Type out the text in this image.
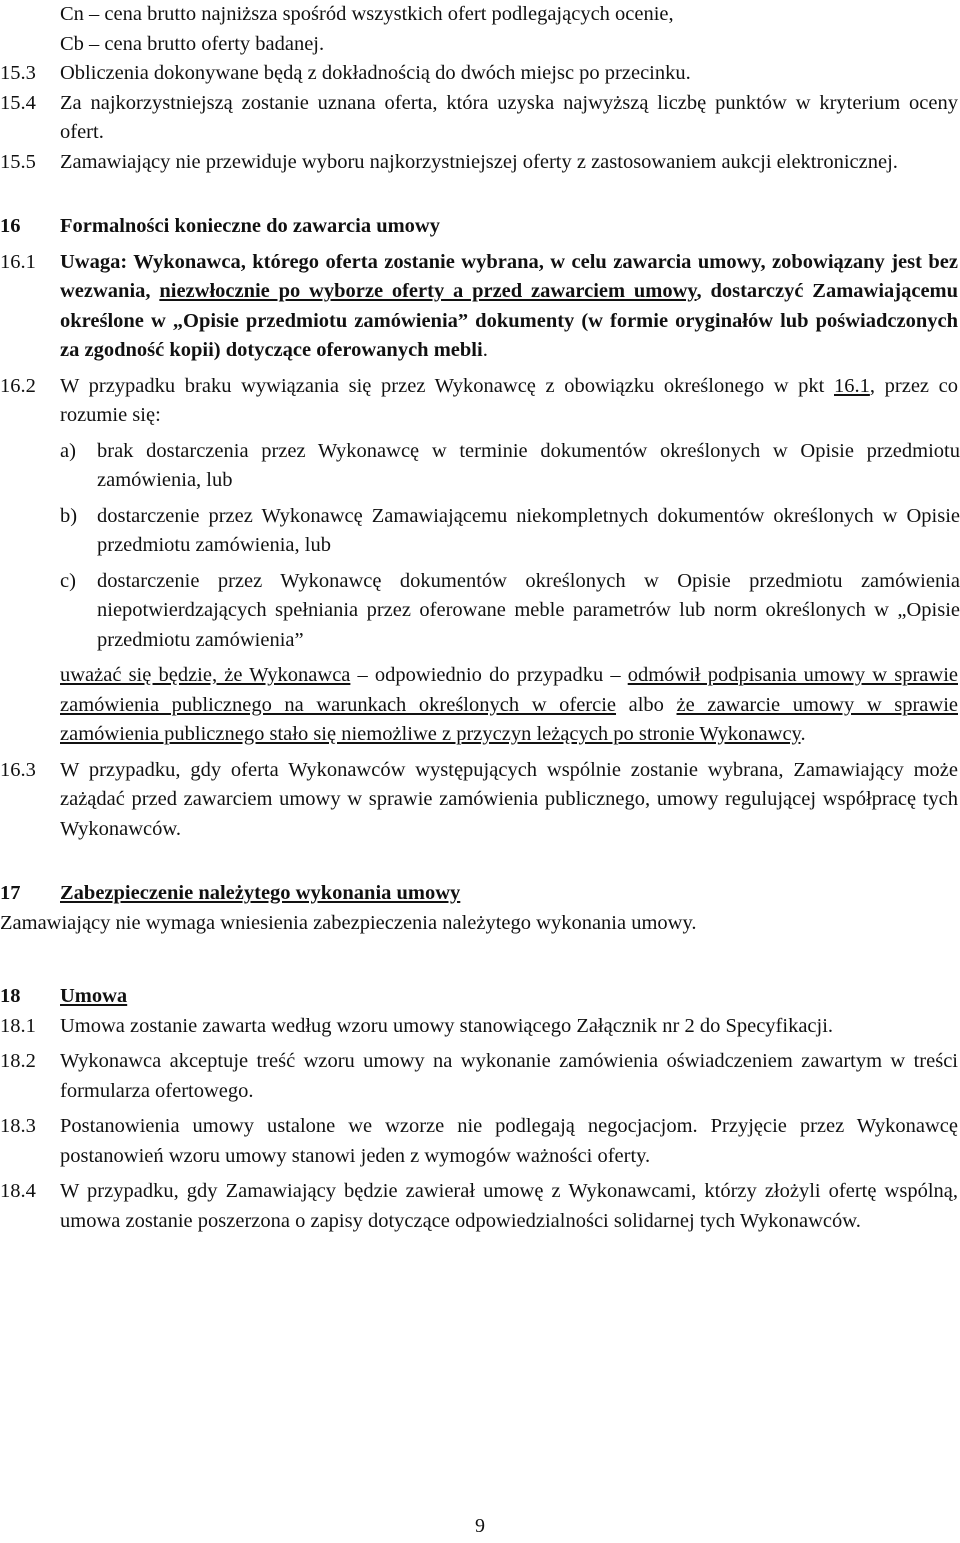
Cn – cena brutto najniższa spośród wszystkich ofert podlegających ocenie,
Cb – cena brutto oferty badanej.
15.3	Obliczenia dokonywane będą z dokładnością do dwóch miejsc po przecinku.
15.4	Za najkorzystniejszą zostanie uznana oferta, która uzyska najwyższą liczbę punktów w kryterium oceny ofert.
15.5	Zamawiający nie przewiduje wyboru najkorzystniejszej oferty z zastosowaniem aukcji elektronicznej.
16	Formalności konieczne do zawarcia umowy
16.1	Uwaga: Wykonawca, którego oferta zostanie wybrana, w celu zawarcia umowy, zobowiązany jest bez wezwania, niezwłocznie po wyborze oferty a przed zawarciem umowy, dostarczyć Zamawiającemu określone w „Opisie przedmiotu zamówienia” dokumenty (w formie oryginałów lub poświadczonych za zgodność kopii) dotyczące oferowanych mebli.
16.2	W przypadku braku wywiązania się przez Wykonawcę z obowiązku określonego w pkt 16.1, przez co rozumie się:
a)	brak dostarczenia przez Wykonawcę w terminie dokumentów określonych w Opisie przedmiotu zamówienia, lub
b) dostarczenie przez Wykonawcę Zamawiającemu niekompletnych dokumentów określonych w Opisie przedmiotu zamówienia, lub
c)	dostarczenie przez Wykonawcę dokumentów określonych w Opisie przedmiotu zamówienia niepotwierdzających spełniania przez oferowane meble parametrów lub norm określonych w „Opisie przedmiotu zamówienia”
uważać się będzie, że Wykonawca – odpowiednio do przypadku – odmówił podpisania umowy w sprawie zamówienia publicznego na warunkach określonych w ofercie albo że zawarcie umowy w sprawie zamówienia publicznego stało się niemożliwe z przyczyn leżących po stronie Wykonawcy.
16.3	W przypadku, gdy oferta Wykonawców występujących wspólnie zostanie wybrana, Zamawiający może zażądać przed zawarciem umowy w sprawie zamówienia publicznego, umowy regulującej współpracę tych Wykonawców.
17	Zabezpieczenie należytego wykonania umowy
Zamawiający nie wymaga wniesienia zabezpieczenia należytego wykonania umowy.
18	Umowa
18.1	Umowa zostanie zawarta według wzoru umowy stanowiącego Załącznik nr 2 do Specyfikacji.
18.2	Wykonawca akceptuje treść wzoru umowy na wykonanie zamówienia oświadczeniem zawartym w treści formularza ofertowego.
18.3	Postanowienia umowy ustalone we wzorze nie podlegają negocjacjom. Przyjęcie przez Wykonawcę postanowień wzoru umowy stanowi jeden z wymogów ważności oferty.
18.4	W przypadku, gdy Zamawiający będzie zawierał umowę z Wykonawcami, którzy złożyli ofertę wspólną, umowa zostanie poszerzona o zapisy dotyczące odpowiedzialności solidarnej tych Wykonawców.
9
